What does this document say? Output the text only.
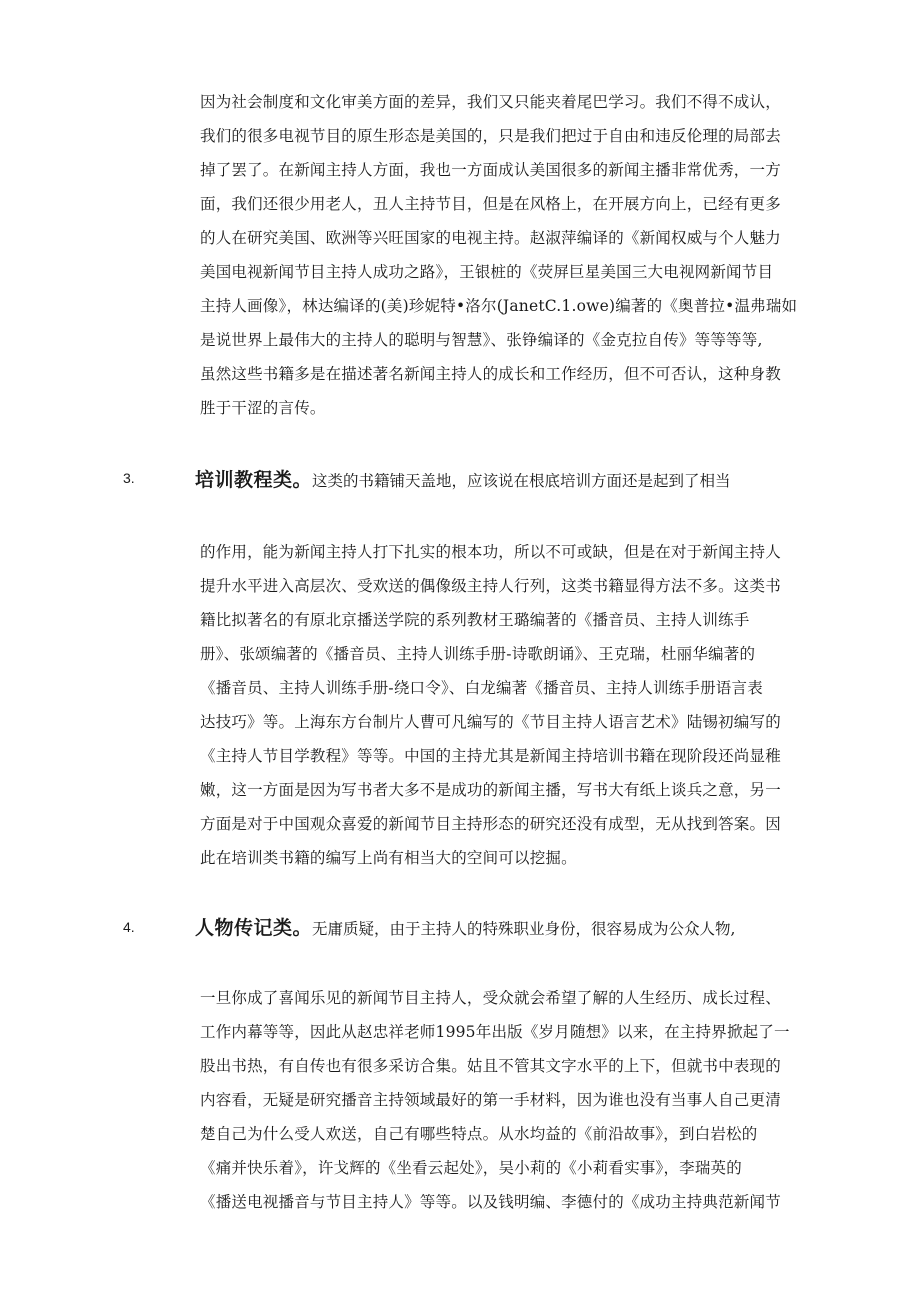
因为社会制度和文化审美方面的差异，我们又只能夹着尾巴学习。我们不得不成认，
我们的很多电视节目的原生形态是美国的，只是我们把过于自由和违反伦理的局部去
掉了罢了。在新闻主持人方面，我也一方面成认美国很多的新闻主播非常优秀，一方
面，我们还很少用老人，丑人主持节目，但是在风格上，在开展方向上，已经有更多
的人在研究美国、欧洲等兴旺国家的电视主持。赵淑萍编译的《新闻权威与个人魅力
美国电视新闻节目主持人成功之路》，王银桩的《荧屏巨星美国三大电视网新闻节目
主持人画像》，林达编译的(美)珍妮特•洛尔(JanetC.1.owe)编著的《奥普拉•温弗瑞如
是说世界上最伟大的主持人的聪明与智慧》、张铮编译的《金克拉自传》等等等等,
虽然这些书籍多是在描述著名新闻主持人的成长和工作经历，但不可否认，这种身教
胜于干涩的言传。
3.	培训教程类。这类的书籍铺天盖地，应该说在根底培训方面还是起到了相当
的作用，能为新闻主持人打下扎实的根本功，所以不可或缺，但是在对于新闻主持人
提升水平进入高层次、受欢送的偶像级主持人行列，这类书籍显得方法不多。这类书
籍比拟著名的有原北京播送学院的系列教材王璐编著的《播音员、主持人训练手
册》、张颂编著的《播音员、主持人训练手册-诗歌朗诵》、王克瑞，杜丽华编著的
《播音员、主持人训练手册-绕口令》、白龙编著《播音员、主持人训练手册语言表
达技巧》等。上海东方台制片人曹可凡编写的《节目主持人语言艺术》陆锡初编写的
《主持人节目学教程》等等。中国的主持尤其是新闻主持培训书籍在现阶段还尚显稚
嫩，这一方面是因为写书者大多不是成功的新闻主播，写书大有纸上谈兵之意，另一
方面是对于中国观众喜爱的新闻节目主持形态的研究还没有成型，无从找到答案。因
此在培训类书籍的编写上尚有相当大的空间可以挖掘。
4.	人物传记类。无庸质疑，由于主持人的特殊职业身份，很容易成为公众人物,
一旦你成了喜闻乐见的新闻节目主持人，受众就会希望了解的人生经历、成长过程、
工作内幕等等，因此从赵忠祥老师1995年出版《岁月随想》以来，在主持界掀起了一
股出书热，有自传也有很多采访合集。姑且不管其文字水平的上下，但就书中表现的
内容看，无疑是研究播音主持领域最好的第一手材料，因为谁也没有当事人自己更清
楚自己为什么受人欢送，自己有哪些特点。从水均益的《前沿故事》，到白岩松的
《痛并快乐着》，许戈辉的《坐看云起处》，吴小莉的《小莉看实事》，李瑞英的
《播送电视播音与节目主持人》等等。以及钱明编、李德付的《成功主持典范新闻节
